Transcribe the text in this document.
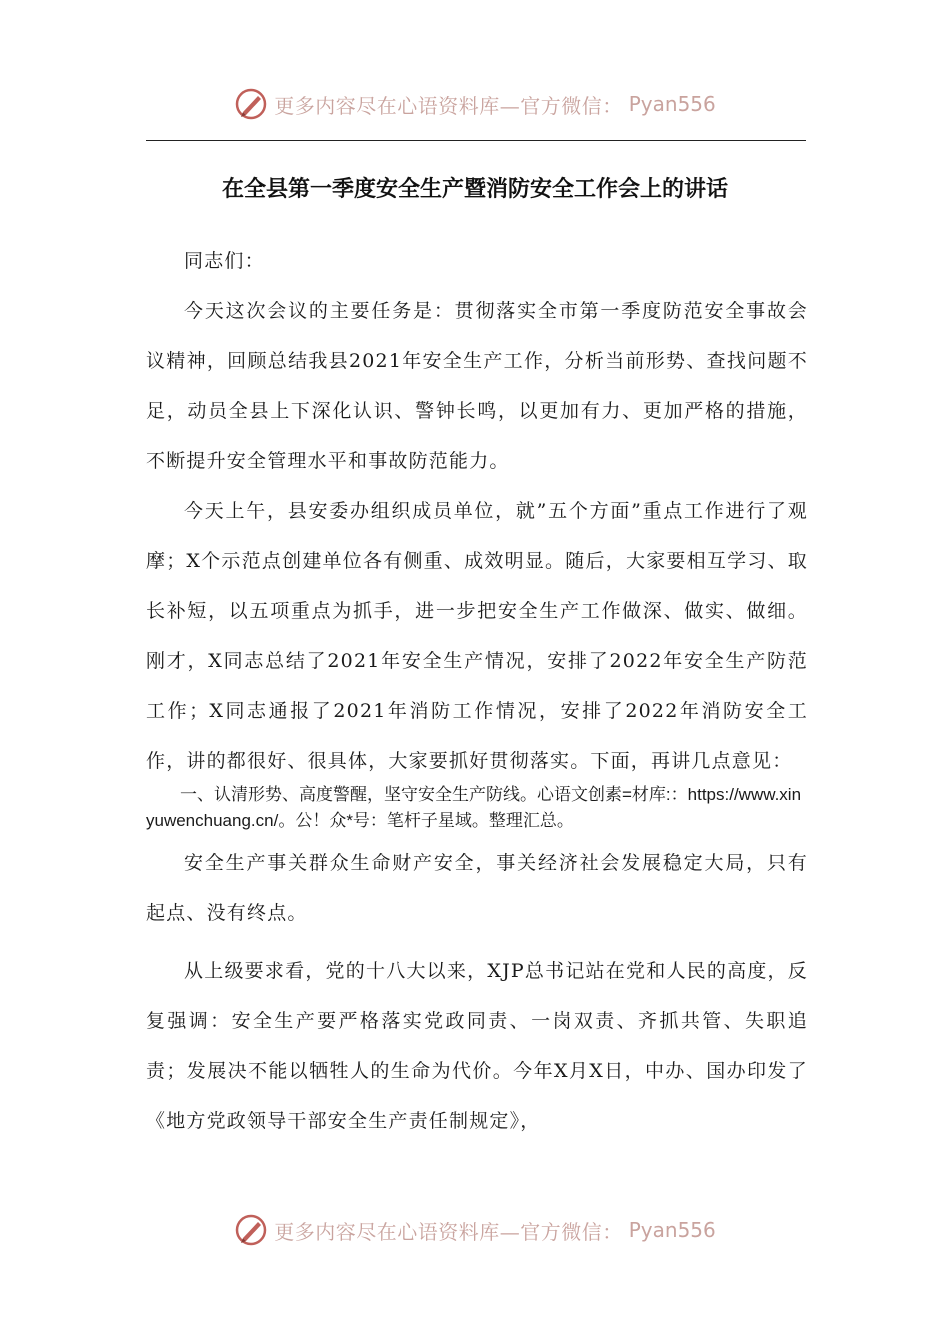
更多内容尽在心语资料库—官方微信： Pyan556
在全县第一季度安全生产暨消防安全工作会上的讲话

同志们：

今天这次会议的主要任务是：贯彻落实全市第一季度防范安全事故会议精神，回顾总结我县2021年安全生产工作，分析当前形势、查找问题不足，动员全县上下深化认识、警钟长鸣，以更加有力、更加严格的措施，不断提升安全管理水平和事故防范能力。

今天上午，县安委办组织成员单位，就”五个方面”重点工作进行了观摩；X个示范点创建单位各有侧重、成效明显。随后，大家要相互学习、取长补短，以五项重点为抓手，进一步把安全生产工作做深、做实、做细。刚才，X同志总结了2021年安全生产情况，安排了2022年安全生产防范工作；X同志通报了2021年消防工作情况，安排了2022年消防安全工作，讲的都很好、很具体，大家要抓好贯彻落实。下面，再讲几点意见：

一、认清形势、高度警醒，坚守安全生产防线。心语文创素=材库:：https://www.xinyuwenchuang.cn/。公！众*号：笔杆子星域。整理汇总。

安全生产事关群众生命财产安全，事关经济社会发展稳定大局，只有起点、没有终点。

从上级要求看，党的十八大以来，XJP总书记站在党和人民的高度，反复强调：安全生产要严格落实党政同责、一岗双责、齐抓共管、失职追责；发展决不能以牺牲人的生命为代价。今年X月X日，中办、国办印发了《地方党政领导干部安全生产责任制规定》，

更多内容尽在心语资料库—官方微信： Pyan556
